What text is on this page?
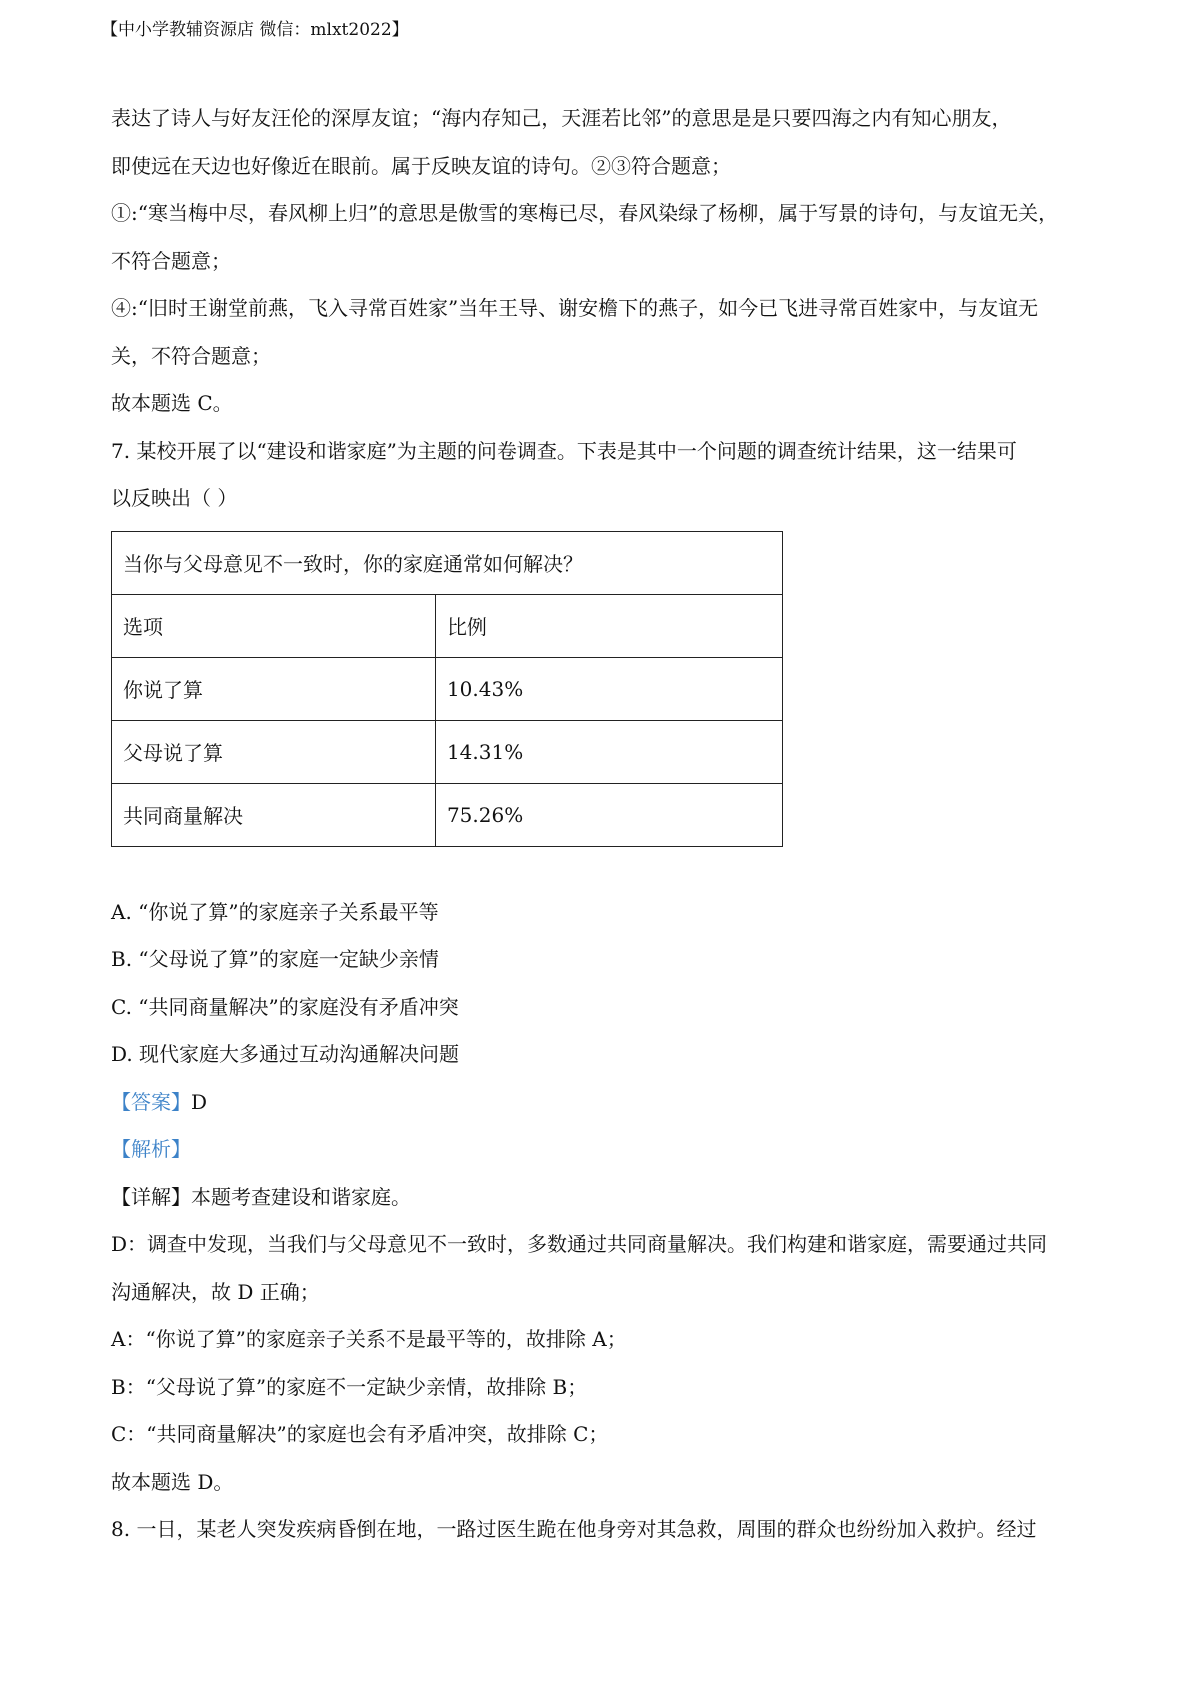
【中小学教辅资源店 微信：mlxt2022】

表达了诗人与好友汪伦的深厚友谊；“海内存知己，天涯若比邻”的意思是是只要四海之内有知心朋友，

即使远在天边也好像近在眼前。属于反映友谊的诗句。②③符合题意；

①:“寒当梅中尽，春风柳上归”的意思是傲雪的寒梅已尽，春风染绿了杨柳，属于写景的诗句，与友谊无关，

不符合题意；

④:“旧时王谢堂前燕，飞入寻常百姓家”当年王导、谢安檐下的燕子，如今已飞进寻常百姓家中，与友谊无

关，不符合题意；

故本题选 C。

7. 某校开展了以“建设和谐家庭”为主题的问卷调查。下表是其中一个问题的调查统计结果，这一结果可

以反映出（ ）

当你与父母意见不一致时，你的家庭通常如何解决？	
选项	比例
你说了算	10.43%
父母说了算	14.31%
共同商量解决	75.26%

A. “你说了算”的家庭亲子关系最平等

B. “父母说了算”的家庭一定缺少亲情

C. “共同商量解决”的家庭没有矛盾冲突

D. 现代家庭大多通过互动沟通解决问题

【答案】D

【解析】

【详解】本题考查建设和谐家庭。

D：调查中发现，当我们与父母意见不一致时，多数通过共同商量解决。我们构建和谐家庭，需要通过共同

沟通解决，故 D 正确；

A：“你说了算”的家庭亲子关系不是最平等的，故排除 A；

B：“父母说了算”的家庭不一定缺少亲情，故排除 B；

C：“共同商量解决”的家庭也会有矛盾冲突，故排除 C；

故本题选 D。

8. 一日，某老人突发疾病昏倒在地，一路过医生跪在他身旁对其急救，周围的群众也纷纷加入救护。经过
